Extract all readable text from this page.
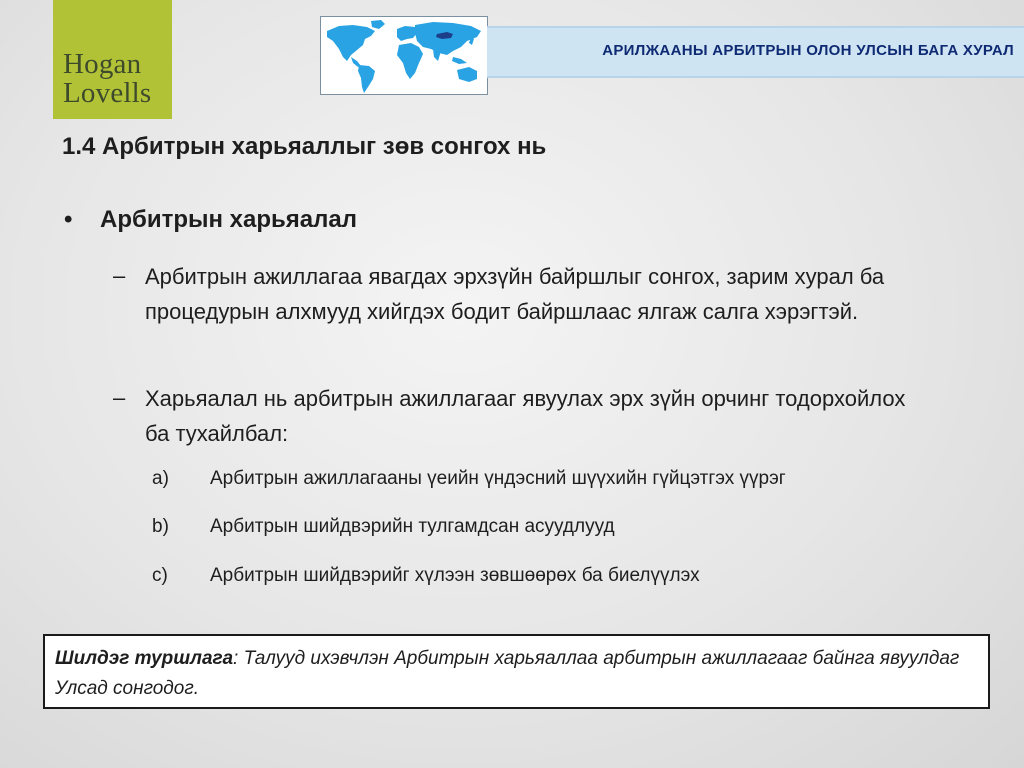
Hogan
Lovells
АРИЛЖААНЫ АРБИТРЫН ОЛОН УЛСЫН БАГА ХУРАЛ
1.4 Арбитрын харьяаллыг зөв сонгох нь
• Арбитрын харьяалал
– Арбитрын ажиллагаа явагдах эрхзүйн байршлыг сонгох, зарим хурал ба процедурын алхмууд хийгдэх бодит байршлаас ялгаж салга хэрэгтэй.
– Харьяалал нь арбитрын ажиллагааг явуулах эрх зүйн орчинг тодорхойлох ба тухайлбал:
a) Арбитрын ажиллагааны үеийн үндэсний шүүхийн гүйцэтгэх үүрэг
b) Арбитрын шийдвэрийн тулгамдсан асуудлууд
c) Арбитрын шийдвэрийг хүлээн зөвшөөрөх ба биелүүлэх
Шилдэг туршлага: Талууд ихэвчлэн Арбитрын харьяаллаа арбитрын ажиллагааг байнга явуулдаг Улсад сонгодог.
